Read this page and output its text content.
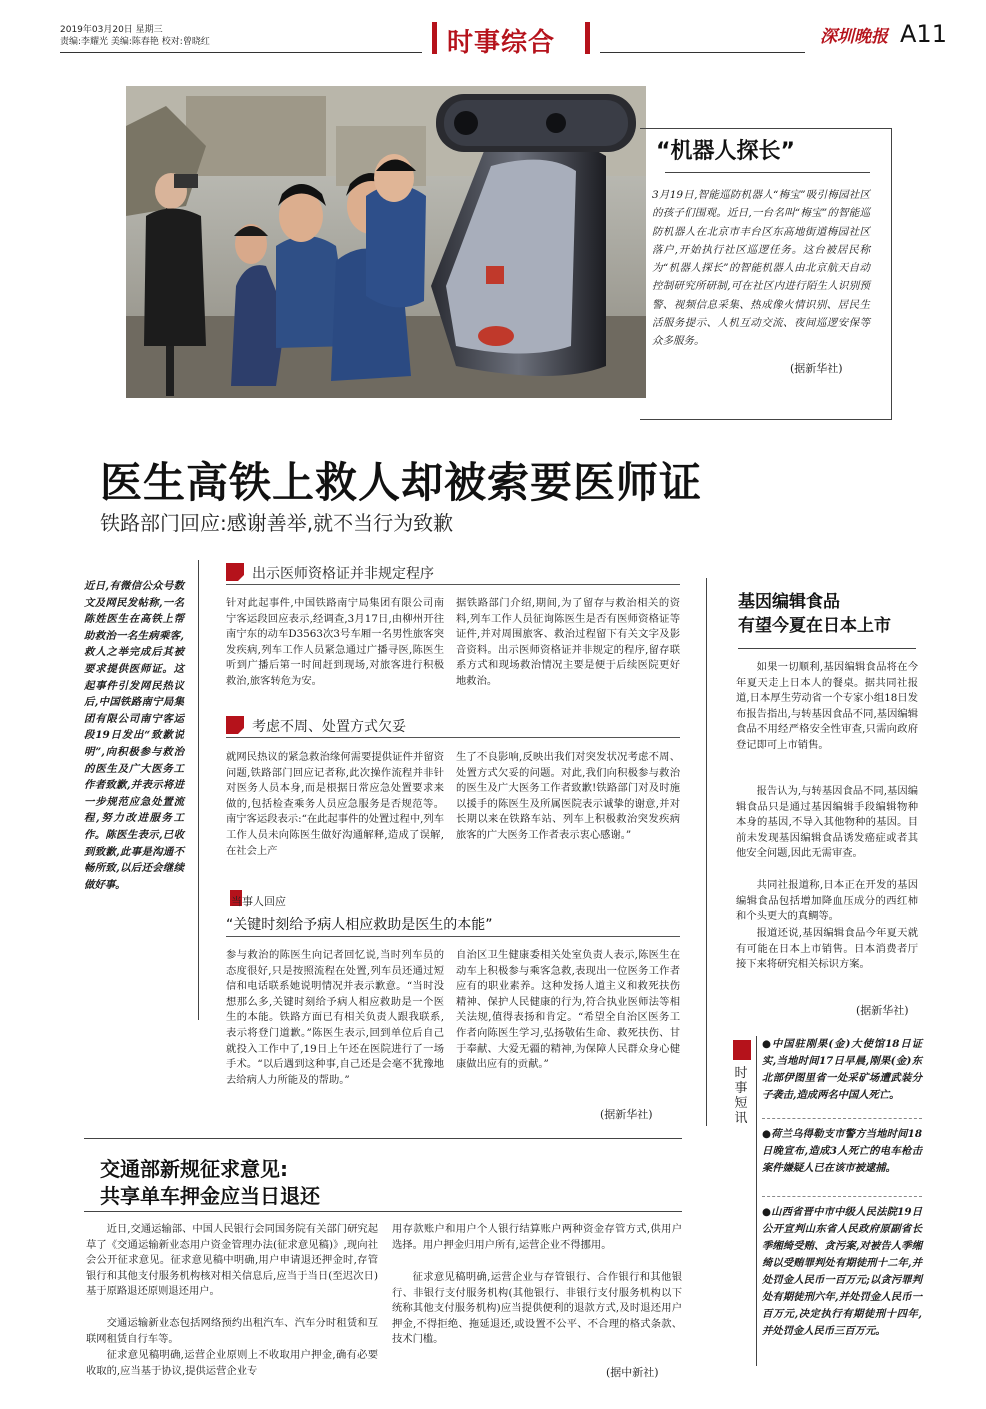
2019年03月20日 星期三
责编:李耀光 美编:陈春艳 校对:曾晓红	时事综合	深圳晚报 A11
“机器人探长”
3月19日,智能巡防机器人“梅宝”吸引梅园社区的孩子们围观。近日,一台名叫“梅宝”的智能巡防机器人在北京市丰台区东高地街道梅园社区落户,开始执行社区巡逻任务。这台被居民称为“机器人探长”的智能机器人由北京航天自动控制研究所研制,可在社区内进行陌生人识别预警、视频信息采集、热成像火情识别、居民生活服务提示、人机互动交流、夜间巡逻安保等众多服务。
(据新华社)
医生高铁上救人却被索要医师证
铁路部门回应:感谢善举,就不当行为致歉
近日,有微信公众号数文及网民发帖称,一名陈姓医生在高铁上帮助救治一名生病乘客,救人之举完成后其被要求提供医师证。这起事件引发网民热议后,中国铁路南宁局集团有限公司南宁客运段19日发出“致歉说明”,向积极参与救治的医生及广大医务工作者致歉,并表示将进一步规范应急处置流程,努力改进服务工作。陈医生表示,已收到致歉,此事是沟通不畅所致,以后还会继续做好事。
出示医师资格证并非规定程序
针对此起事件,中国铁路南宁局集团有限公司南宁客运段回应表示,经调查,3月17日,由柳州开往南宁东的动车D3563次3号车厢一名男性旅客突发疾病,列车工作人员紧急通过广播寻医,陈医生听到广播后第一时间赶到现场,对旅客进行积极救治,旅客转危为安。
据铁路部门介绍,期间,为了留存与救治相关的资料,列车工作人员征询陈医生是否有医师资格证等证件,并对周围旅客、救治过程留下有关文字及影音资料。出示医师资格证并非规定的程序,留存联系方式和现场救治情况主要是便于后续医院更好地救治。
考虑不周、处置方式欠妥
就网民热议的紧急救治缘何需要提供证件并留资问题,铁路部门回应记者称,此次操作流程并非针对医务人员本身,而是根据日常应急处置要求来做的,包括检查乘务人员应急服务是否规范等。南宁客运段表示:“在此起事件的处置过程中,列车工作人员未向陈医生做好沟通解释,造成了误解,在社会上产
生了不良影响,反映出我们对突发状况考虑不周、处置方式欠妥的问题。对此,我们向积极参与救治的医生及广大医务工作者致歉!铁路部门对及时施以援手的陈医生及所属医院表示诚挚的谢意,并对长期以来在铁路车站、列车上积极救治突发疾病旅客的广大医务工作者表示衷心感谢。”
当事人回应
“关键时刻给予病人相应救助是医生的本能”
参与救治的陈医生向记者回忆说,当时列车员的态度很好,只是按照流程在处置,列车员还通过短信和电话联系她说明情况并表示歉意。“当时没想那么多,关键时刻给予病人相应救助是一个医生的本能。铁路方面已有相关负责人跟我联系,表示将登门道歉。”陈医生表示,回到单位后自己就投入工作中了,19日上午还在医院进行了一场手术。“以后遇到这种事,自己还是会毫不犹豫地去给病人力所能及的帮助。”
自治区卫生健康委相关处室负责人表示,陈医生在动车上积极参与乘客急救,表现出一位医务工作者应有的职业素养。这种发扬人道主义和救死扶伤精神、保护人民健康的行为,符合执业医师法等相关法规,值得表扬和肯定。“希望全自治区医务工作者向陈医生学习,弘扬敬佑生命、救死扶伤、甘于奉献、大爱无疆的精神,为保障人民群众身心健康做出应有的贡献。”
(据新华社)
基因编辑食品
有望今夏在日本上市
如果一切顺利,基因编辑食品将在今年夏天走上日本人的餐桌。据共同社报道,日本厚生劳动省一个专家小组18日发布报告指出,与转基因食品不同,基因编辑食品不用经严格安全性审查,只需向政府登记即可上市销售。
报告认为,与转基因食品不同,基因编辑食品只是通过基因编辑手段编辑物种本身的基因,不导入其他物种的基因。目前未发现基因编辑食品诱发癌症或者其他安全问题,因此无需审查。
共同社报道称,日本正在开发的基因编辑食品包括增加降血压成分的西红柿和个头更大的真鲷等。
报道还说,基因编辑食品今年夏天就有可能在日本上市销售。日本消费者厅接下来将研究相关标识方案。
(据新华社)
时事短讯
●中国驻刚果(金)大使馆18日证实,当地时间17日早晨,刚果(金)东北部伊图里省一处采矿场遭武装分子袭击,造成两名中国人死亡。
●荷兰乌得勒支市警方当地时间18日晚宣布,造成3人死亡的电车枪击案件嫌疑人已在该市被逮捕。
●山西省晋中市中级人民法院19日公开宣判山东省人民政府原副省长季缃绮受贿、贪污案,对被告人季缃绮以受贿罪判处有期徒刑十二年,并处罚金人民币一百万元;以贪污罪判处有期徒刑六年,并处罚金人民币一百万元,决定执行有期徒刑十四年,并处罚金人民币三百万元。
交通部新规征求意见:
共享单车押金应当日退还
近日,交通运输部、中国人民银行会同国务院有关部门研究起草了《交通运输新业态用户资金管理办法(征求意见稿)》,现向社会公开征求意见。征求意见稿中明确,用户申请退还押金时,存管银行和其他支付服务机构核对相关信息后,应当于当日(至迟次日)基于原路退还原则退还用户。
交通运输新业态包括网络预约出租汽车、汽车分时租赁和互联网租赁自行车等。
征求意见稿明确,运营企业原则上不收取用户押金,确有必要收取的,应当基于协议,提供运营企业专
用存款账户和用户个人银行结算账户两种资金存管方式,供用户选择。用户押金归用户所有,运营企业不得挪用。
征求意见稿明确,运营企业与存管银行、合作银行和其他银行、非银行支付服务机构(其他银行、非银行支付服务机构以下统称其他支付服务机构)应当提供便利的退款方式,及时退还用户押金,不得拒绝、拖延退还,或设置不公平、不合理的格式条款、技术门槛。
(据中新社)
